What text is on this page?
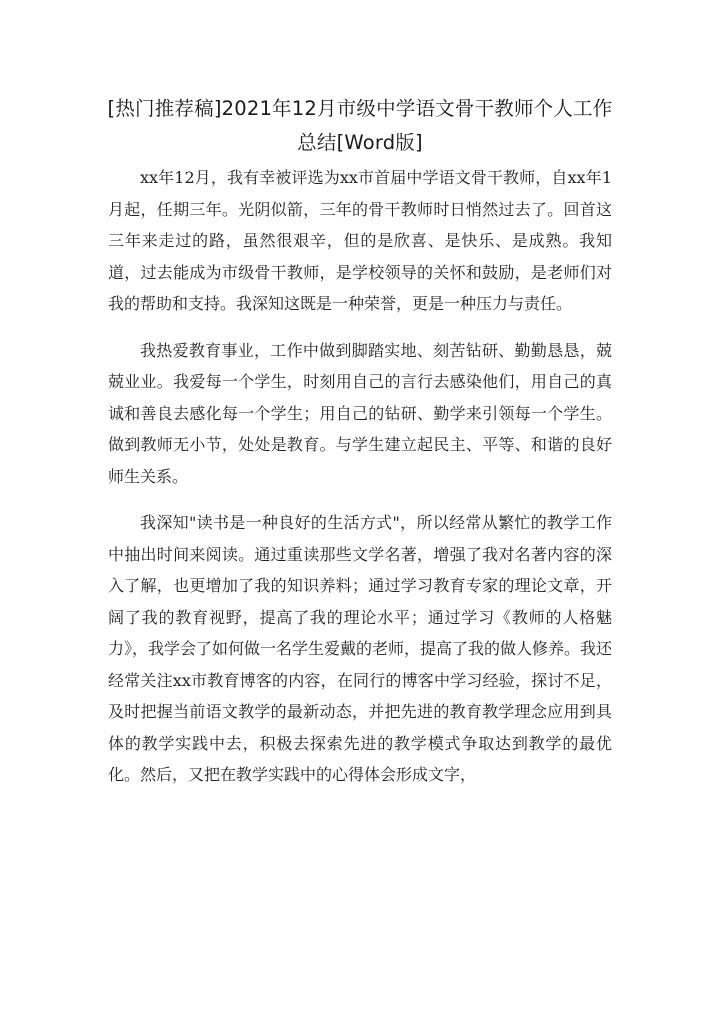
[热门推荐稿]2021年12月市级中学语文骨干教师个人工作总结[Word版]

xx年12月，我有幸被评选为xx市首届中学语文骨干教师，自xx年1月起，任期三年。光阴似箭，三年的骨干教师时日悄然过去了。回首这三年来走过的路，虽然很艰辛，但的是欣喜、是快乐、是成熟。我知道，过去能成为市级骨干教师，是学校领导的关怀和鼓励，是老师们对我的帮助和支持。我深知这既是一种荣誉，更是一种压力与责任。

我热爱教育事业，工作中做到脚踏实地、刻苦钻研、勤勤恳恳，兢兢业业。我爱每一个学生，时刻用自己的言行去感染他们，用自己的真诚和善良去感化每一个学生；用自己的钻研、勤学来引领每一个学生。做到教师无小节，处处是教育。与学生建立起民主、平等、和谐的良好师生关系。

我深知"读书是一种良好的生活方式"，所以经常从繁忙的教学工作中抽出时间来阅读。通过重读那些文学名著，增强了我对名著内容的深入了解，也更增加了我的知识养料；通过学习教育专家的理论文章，开阔了我的教育视野，提高了我的理论水平；通过学习《教师的人格魅力》，我学会了如何做一名学生爱戴的老师，提高了我的做人修养。我还经常关注xx市教育博客的内容，在同行的博客中学习经验，探讨不足，及时把握当前语文教学的最新动态，并把先进的教育教学理念应用到具体的教学实践中去，积极去探索先进的教学模式争取达到教学的最优化。然后，又把在教学实践中的心得体会形成文字，
